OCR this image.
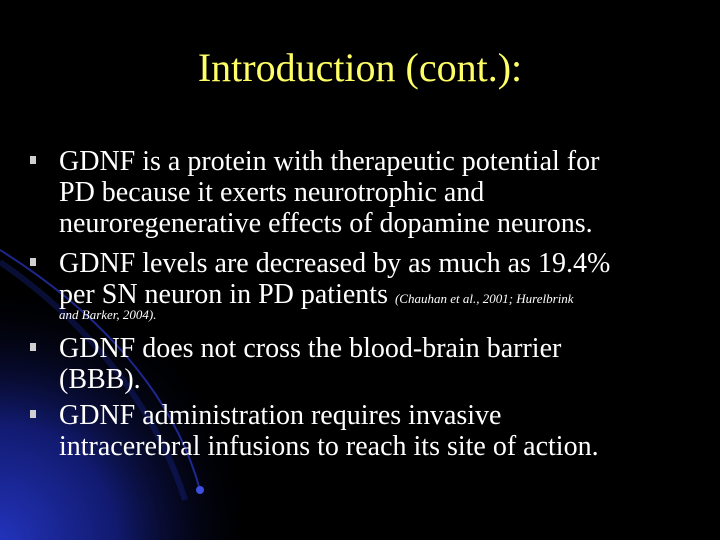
Introduction (cont.):
GDNF is a protein with therapeutic potential for
PD because it exerts neurotrophic and
neuroregenerative effects of dopamine neurons.
GDNF levels are decreased by as much as 19.4%
per SN neuron in PD patients (Chauhan et al., 2001; Hurelbrink
and Barker, 2004).
GDNF does not cross the blood-brain barrier
(BBB).
GDNF administration requires invasive
intracerebral infusions to reach its site of action.
